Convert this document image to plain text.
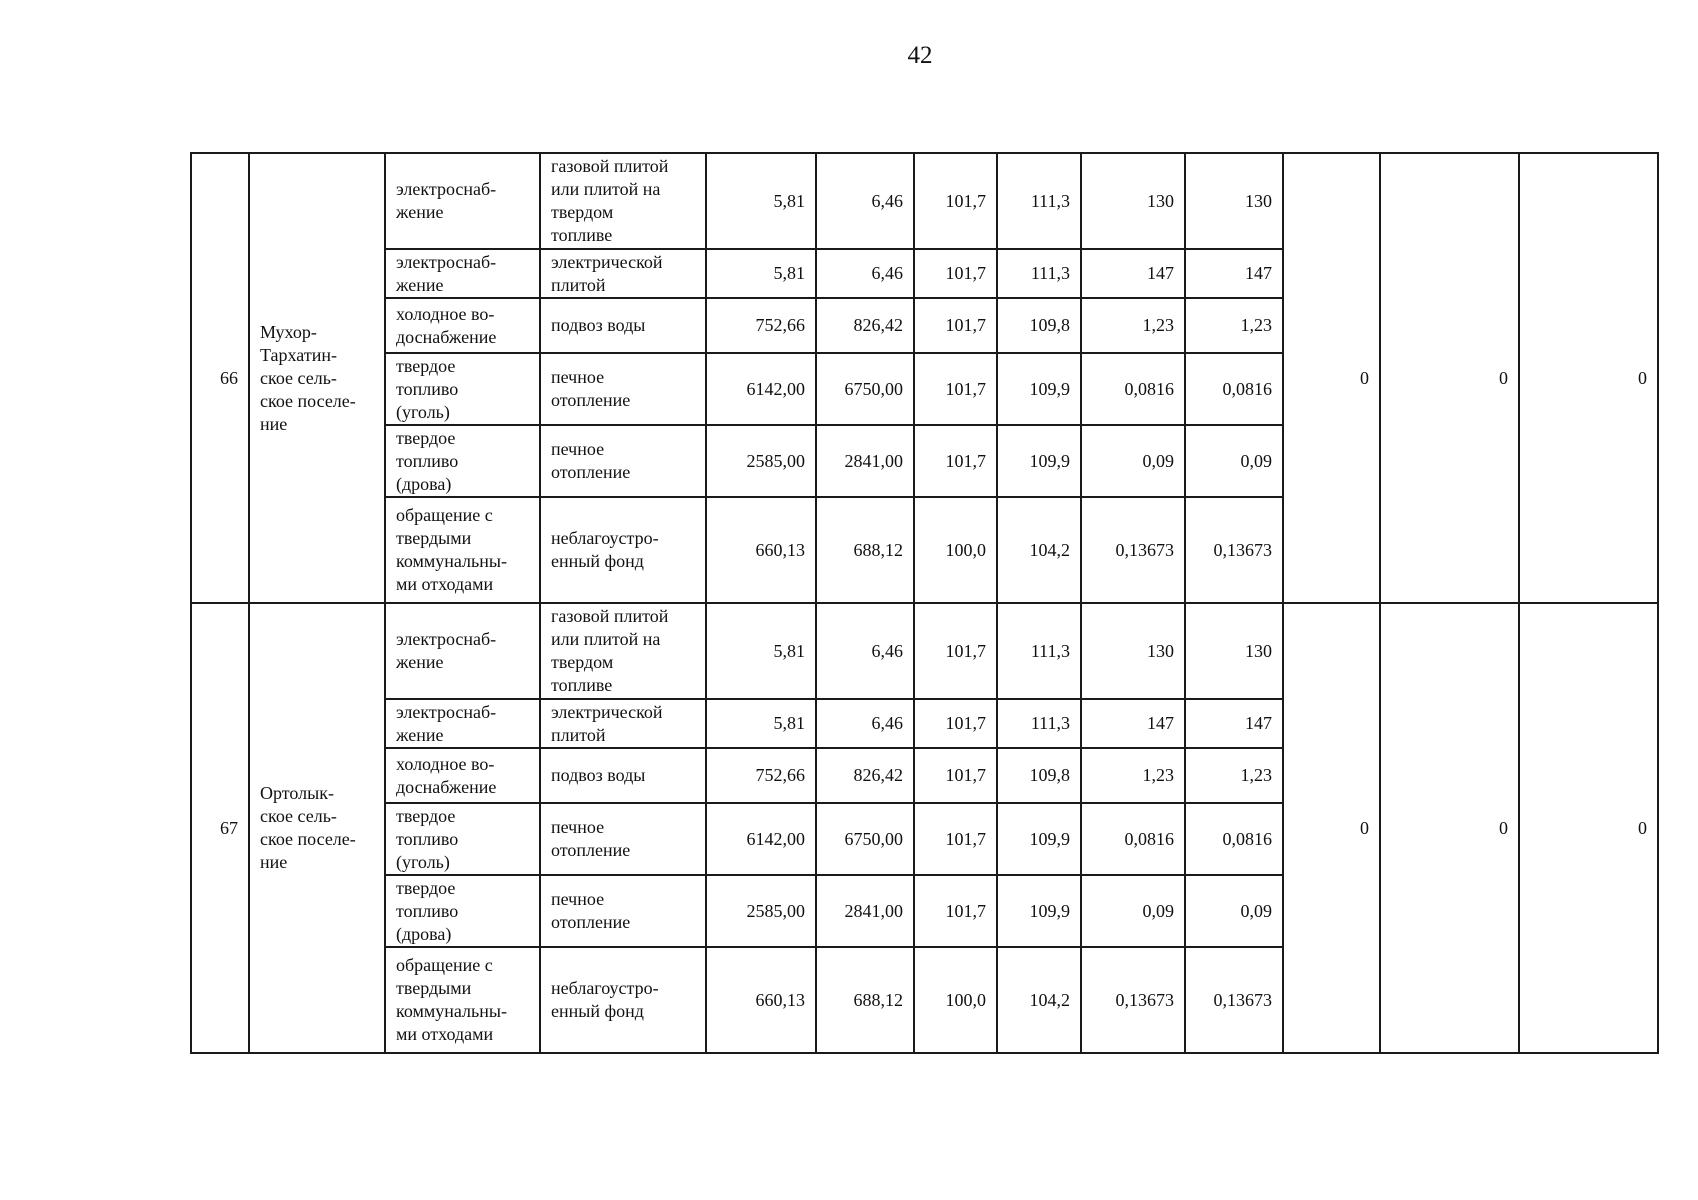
42
66	Мухор-
Тархатин-
ское сель-
ское поселе-
ние	электроснаб-
жение	газовой плитой
или плитой на
твердом
топливе	5,81	6,46	101,7	111,3	130	130	0	0	0
		электроснаб-
жение	электрической
плитой	5,81	6,46	101,7	111,3	147	147			
		холодное во-
доснабжение	подвоз воды	752,66	826,42	101,7	109,8	1,23	1,23			
		твердое
топливо
(уголь)	печное
отопление	6142,00	6750,00	101,7	109,9	0,0816	0,0816			
		твердое
топливо
(дрова)	печное
отопление	2585,00	2841,00	101,7	109,9	0,09	0,09			
		обращение с
твердыми
коммунальны-
ми отходами	неблагоустро-
енный фонд	660,13	688,12	100,0	104,2	0,13673	0,13673			
67	Ортолык-
ское сель-
ское поселе-
ние	электроснаб-
жение	газовой плитой
или плитой на
твердом
топливе	5,81	6,46	101,7	111,3	130	130	0	0	0
		электроснаб-
жение	электрической
плитой	5,81	6,46	101,7	111,3	147	147			
		холодное во-
доснабжение	подвоз воды	752,66	826,42	101,7	109,8	1,23	1,23			
		твердое
топливо
(уголь)	печное
отопление	6142,00	6750,00	101,7	109,9	0,0816	0,0816			
		твердое
топливо
(дрова)	печное
отопление	2585,00	2841,00	101,7	109,9	0,09	0,09			
		обращение с
твердыми
коммунальны-
ми отходами	неблагоустро-
енный фонд	660,13	688,12	100,0	104,2	0,13673	0,13673			
